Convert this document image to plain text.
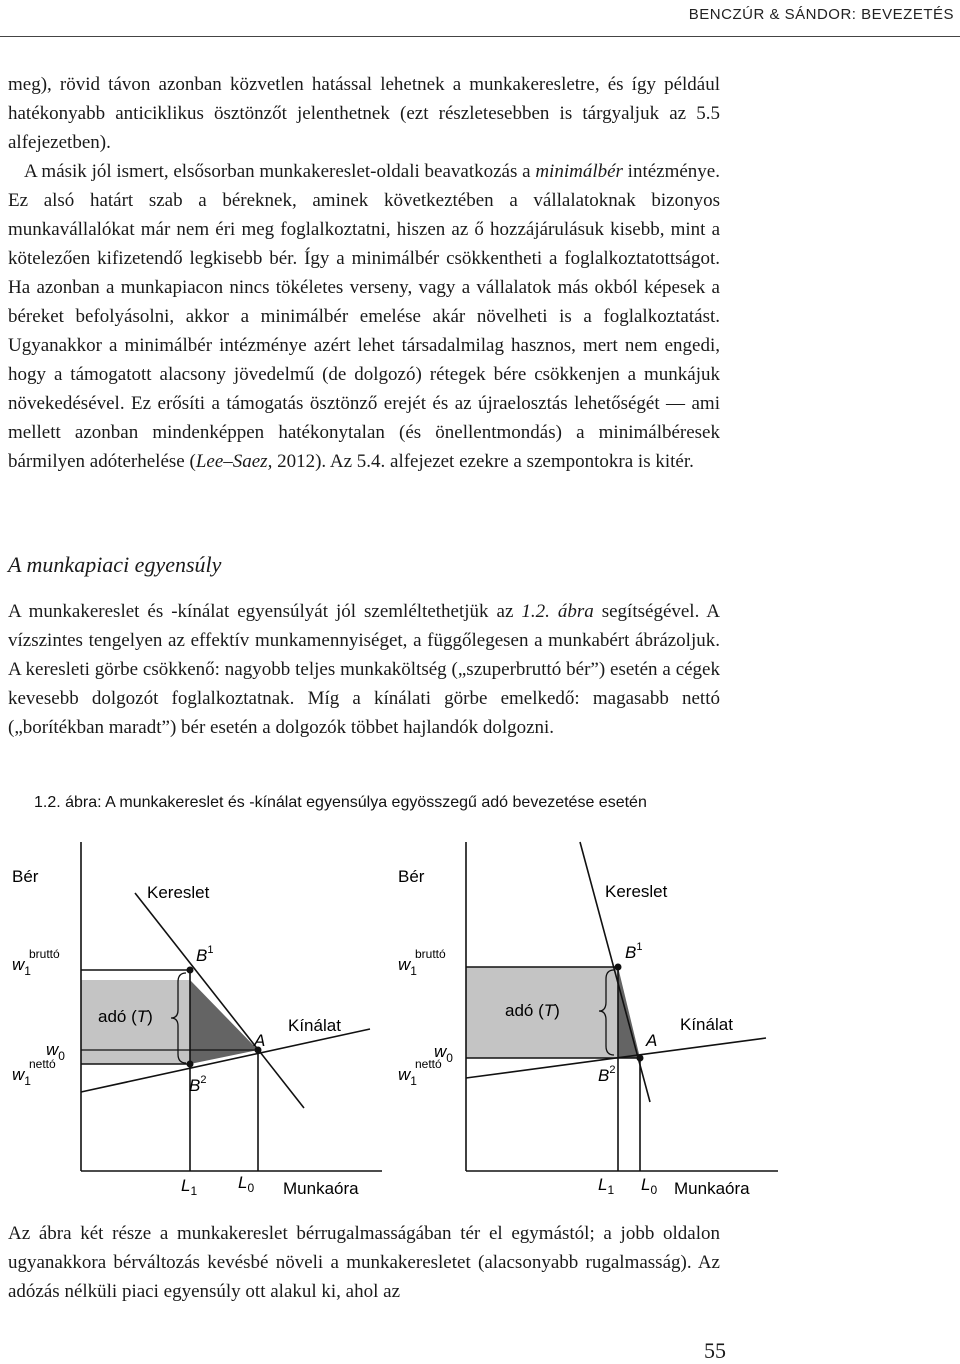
BENCZÚR & SÁNDOR: BEVEZETÉS

meg), rövid távon azonban közvetlen hatással lehetnek a munkakeresletre, és így például hatékonyabb anticiklikus ösztönzőt jelenthetnek (ezt részletesebben is tárgyaljuk az 5.5 alfejezetben).

A másik jól ismert, elsősorban munkakereslet-oldali beavatkozás a minimálbér intézménye. Ez alsó határt szab a béreknek, aminek következtében a vállalatoknak bizonyos munkavállalókat már nem éri meg foglalkoztatni, hiszen az ő hozzájárulásuk kisebb, mint a kötelezően kifizetendő legkisebb bér. Így a minimálbér csökkentheti a foglalkoztatottságot. Ha azonban a munkapiacon nincs tökéletes verseny, vagy a vállalatok más okból képesek a béreket befolyásolni, akkor a minimálbér emelése akár növelheti is a foglalkoztatást. Ugyanakkor a minimálbér intézménye azért lehet társadalmilag hasznos, mert nem engedi, hogy a támogatott alacsony jövedelmű (de dolgozó) rétegek bére csökkenjen a munkájuk növekedésével. Ez erősíti a támogatás ösztönző erejét és az újraelosztás lehetőségét — ami mellett azonban mindenképpen hatékonytalan (és önellentmondás) a minimálbéresek bármilyen adóterhelése (Lee–Saez, 2012). Az 5.4. alfejezet ezekre a szempontokra is kitér.

A munkapiaci egyensúly

A munkakereslet és -kínálat egyensúlyát jól szemléltethetjük az 1.2. ábra segítségével. A vízszintes tengelyen az effektív munkamennyiséget, a függőlegesen a munkabért ábrázoljuk. A keresleti görbe csökkenő: nagyobb teljes munkaköltség („szuperbruttó bér”) esetén a cégek kevesebb dolgozót foglalkoztatnak. Míg a kínálati görbe emelkedő: magasabb nettó („borítékban maradt”) bér esetén a dolgozók többet hajlandók dolgozni.

1.2. ábra: A munkakereslet és -kínálat egyensúlya egyösszegű adó bevezetése esetén
Bér
Kereslet
$w_1bruttó$	$B^1$
adó (T)	Kínálat
A
$w_0$
$w_1nettó$
$B^2$
$L_1$ $L_0$ Munkaóra
Bér
Kereslet
$w_1bruttó$	$B^1$
adó (T)
Kínálat
A
$w_0$
$w_1nettó$
$B^2$
$L_1$ $L_0$ Munkaóra

Az ábra két része a munkakereslet bérrugalmasságában tér el egymástól; a jobb oldalon ugyanakkora bérváltozás kevésbé növeli a munkakeresletet (alacsonyabb rugalmasság). Az adózás nélküli piaci egyensúly ott alakul ki, ahol az

55
